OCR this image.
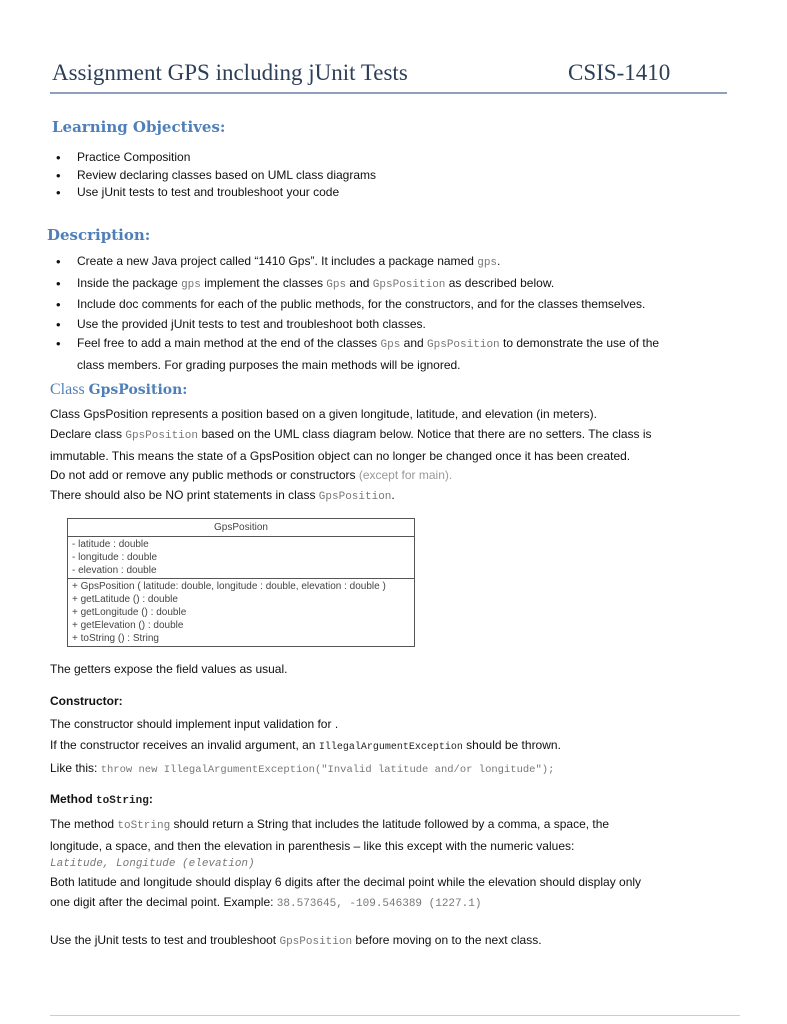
Assignment GPS including jUnit Tests	CSIS-1410
Learning Objectives:
• Practice Composition
• Review declaring classes based on UML class diagrams
• Use jUnit tests to test and troubleshoot your code
Description:
• Create a new Java project called “1410 Gps”. It includes a package named gps.
• Inside the package gps implement the classes Gps and GpsPosition as described below.
• Include doc comments for each of the public methods, for the constructors, and for the classes themselves.
• Use the provided jUnit tests to test and troubleshoot both classes.
• Feel free to add a main method at the end of the classes Gps and GpsPosition to demonstrate the use of the
class members. For grading purposes the main methods will be ignored.
Class GpsPosition:
Class GpsPosition represents a position based on a given longitude, latitude, and elevation (in meters).
Declare class GpsPosition based on the UML class diagram below. Notice that there are no setters. The class is
immutable. This means the state of a GpsPosition object can no longer be changed once it has been created.
Do not add or remove any public methods or constructors (except for main).
There should also be NO print statements in class GpsPosition.
GpsPosition
- latitude : double
- longitude : double
- elevation : double
+ GpsPosition ( latitude: double, longitude : double, elevation : double )
+ getLatitude () : double
+ getLongitude () : double
+ getElevation () : double
+ toString () : String
The getters expose the field values as usual.
Constructor:
The constructor should implement input validation for .
If the constructor receives an invalid argument, an IllegalArgumentException should be thrown.
Like this: throw new IllegalArgumentException("Invalid latitude and/or longitude");
Method toString:
The method toString should return a String that includes the latitude followed by a comma, a space, the
longitude, a space, and then the elevation in parenthesis – like this except with the numeric values:
Latitude, Longitude (elevation)
Both latitude and longitude should display 6 digits after the decimal point while the elevation should display only
one digit after the decimal point. Example: 38.573645, -109.546389 (1227.1)
Use the jUnit tests to test and troubleshoot GpsPosition before moving on to the next class.
